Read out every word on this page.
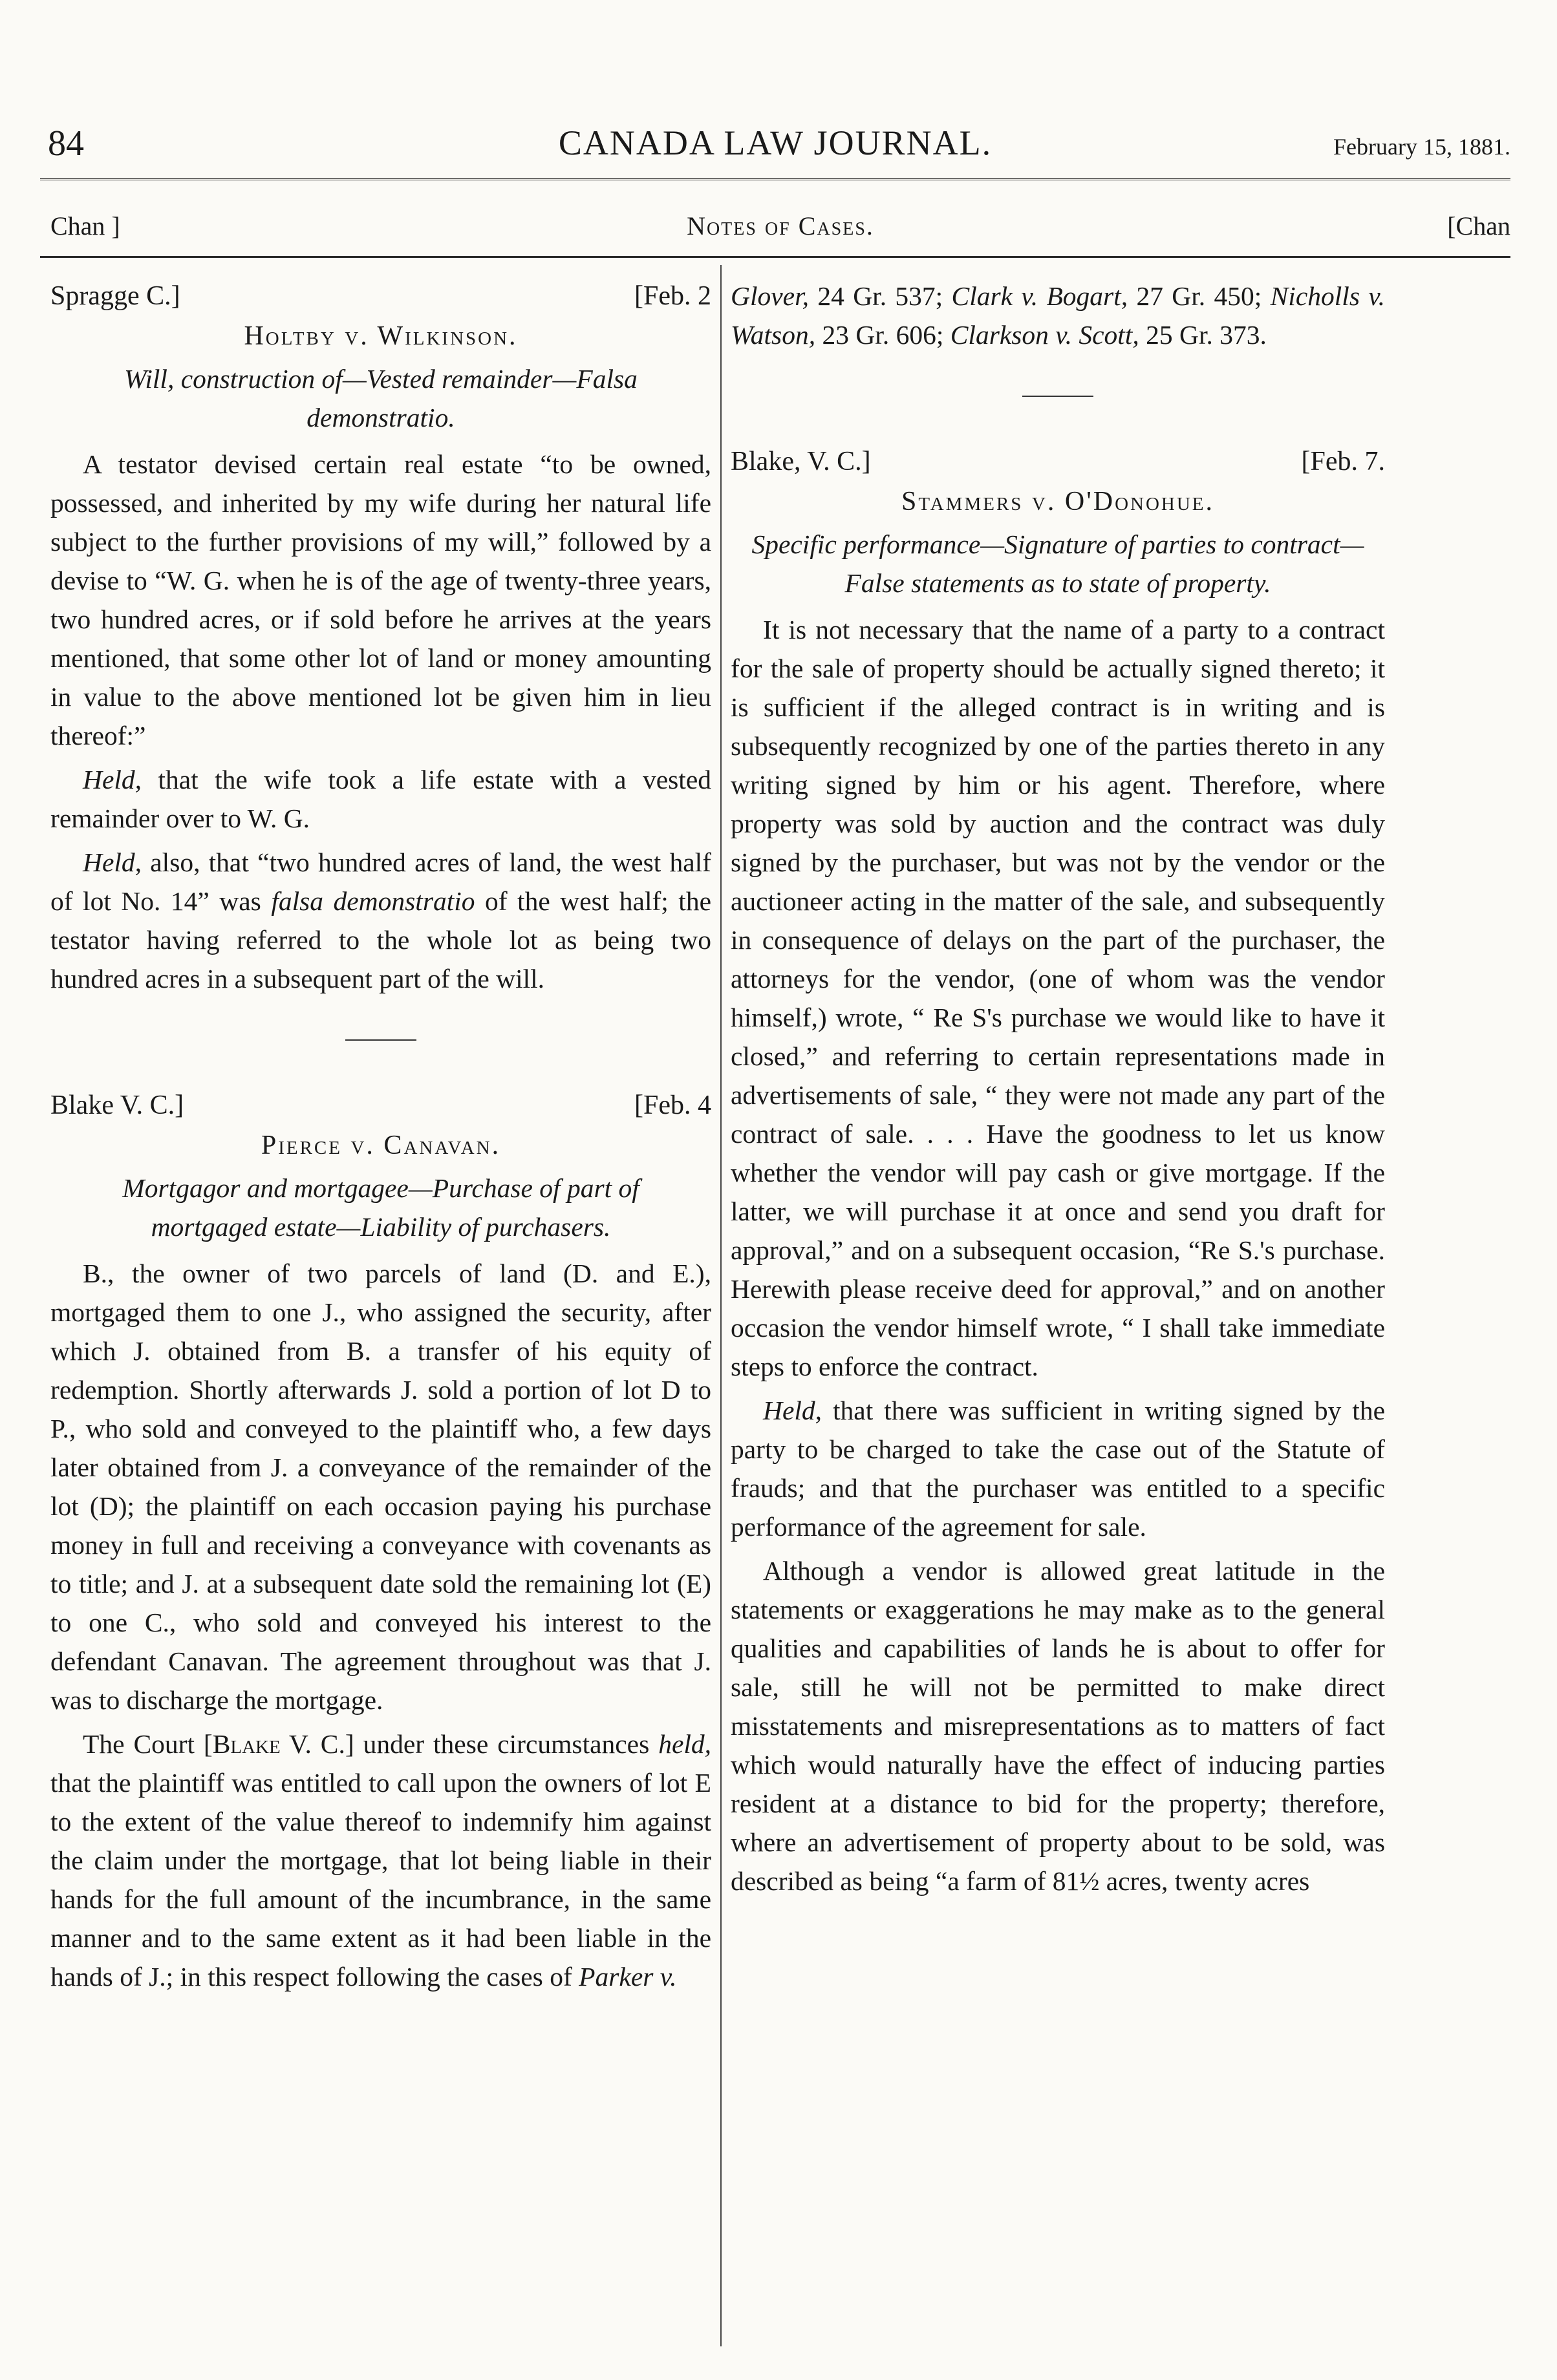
84	CANADA LAW JOURNAL.	February 15, 1881.
Chan ]	Notes of Cases.	[Chan
Spragge C.]	[Feb. 2
Holtby v. Wilkinson.
Will, construction of—Vested remainder—Falsa demonstratio.

A testator devised certain real estate “to be owned, possessed, and inherited by my wife during her natural life subject to the further provisions of my will,” followed by a devise to “W. G. when he is of the age of twenty-three years, two hundred acres, or if sold before he arrives at the years mentioned, that some other lot of land or money amounting in value to the above mentioned lot be given him in lieu thereof:”

Held, that the wife took a life estate with a vested remainder over to W. G.

Held, also, that “two hundred acres of land, the west half of lot No. 14” was falsa demonstratio of the west half; the testator having referred to the whole lot as being two hundred acres in a subsequent part of the will.

Blake V. C.]	[Feb. 4
Pierce v. Canavan.
Mortgagor and mortgagee—Purchase of part of mortgaged estate—Liability of purchasers.

B., the owner of two parcels of land (D. and E.), mortgaged them to one J., who assigned the security, after which J. obtained from B. a transfer of his equity of redemption. Shortly afterwards J. sold a portion of lot D to P., who sold and conveyed to the plaintiff who, a few days later obtained from J. a conveyance of the remainder of the lot (D); the plaintiff on each occasion paying his purchase money in full and receiving a conveyance with covenants as to title; and J. at a subsequent date sold the remaining lot (E) to one C., who sold and conveyed his interest to the defendant Canavan. The agreement throughout was that J. was to discharge the mortgage.

The Court [Blake V. C.] under these circumstances held, that the plaintiff was entitled to call upon the owners of lot E to the extent of the value thereof to indemnify him against the claim under the mortgage, that lot being liable in their hands for the full amount of the incumbrance, in the same manner and to the same extent as it had been liable in the hands of J.; in this respect following the cases of Parker v.

Glover, 24 Gr. 537; Clark v. Bogart, 27 Gr. 450; Nicholls v. Watson, 23 Gr. 606; Clarkson v. Scott, 25 Gr. 373.

Blake, V. C.]	[Feb. 7.
Stammers v. O'Donohue.
Specific performance—Signature of parties to contract—False statements as to state of property.

It is not necessary that the name of a party to a contract for the sale of property should be actually signed thereto; it is sufficient if the alleged contract is in writing and is subsequently recognized by one of the parties thereto in any writing signed by him or his agent. Therefore, where property was sold by auction and the contract was duly signed by the purchaser, but was not by the vendor or the auctioneer acting in the matter of the sale, and subsequently in consequence of delays on the part of the purchaser, the attorneys for the vendor, (one of whom was the vendor himself,) wrote, “ Re S's purchase we would like to have it closed,” and referring to certain representations made in advertisements of sale, “ they were not made any part of the contract of sale. . . . Have the goodness to let us know whether the vendor will pay cash or give mortgage. If the latter, we will purchase it at once and send you draft for approval,” and on a subsequent occasion, “Re S.'s purchase. Herewith please receive deed for approval,” and on another occasion the vendor himself wrote, “ I shall take immediate steps to enforce the contract.

Held, that there was sufficient in writing signed by the party to be charged to take the case out of the Statute of frauds; and that the purchaser was entitled to a specific performance of the agreement for sale.

Although a vendor is allowed great latitude in the statements or exaggerations he may make as to the general qualities and capabilities of lands he is about to offer for sale, still he will not be permitted to make direct misstatements and misrepresentations as to matters of fact which would naturally have the effect of inducing parties resident at a distance to bid for the property; therefore, where an advertisement of property about to be sold, was described as being “a farm of 81½ acres, twenty acres
